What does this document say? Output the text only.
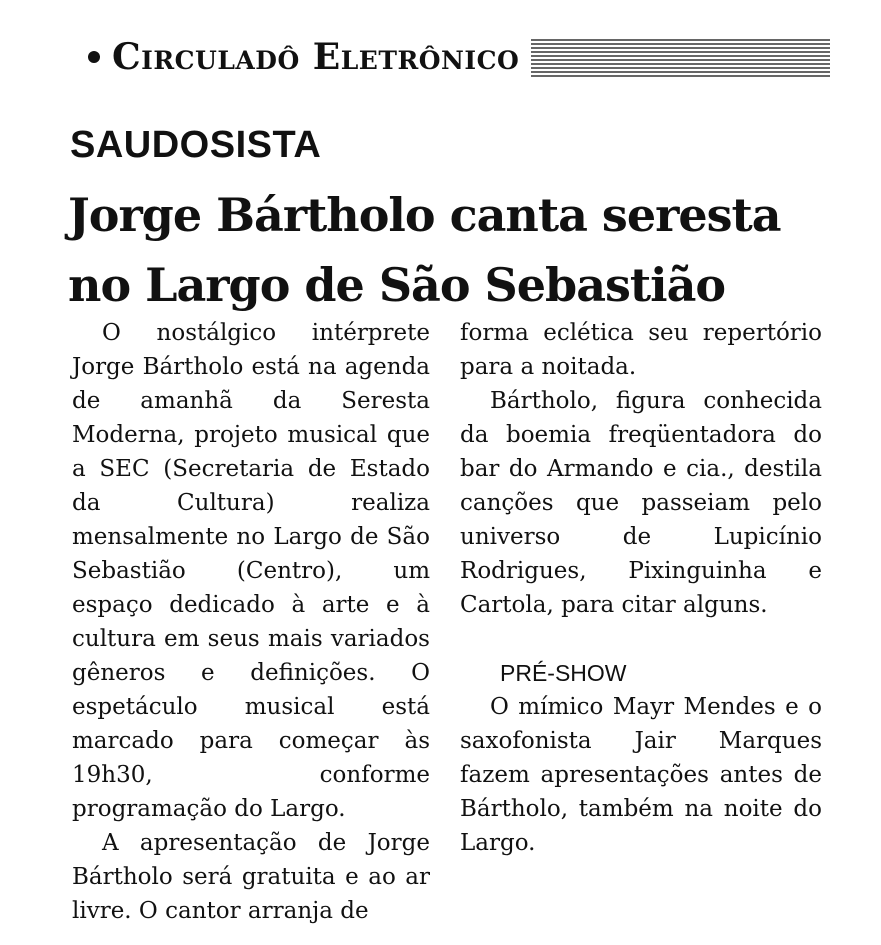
Circuladô Eletrônico
SAUDOSISTA
Jorge Bártholo canta seresta no Largo de São Sebastião

O nostálgico intérprete Jorge Bártholo está na agenda de amanhã da Seresta Moderna, projeto musical que a SEC (Secretaria de Estado da Cultura) realiza mensalmente no Largo de São Sebastião (Centro), um espaço dedicado à arte e à cultura em seus mais variados gêneros e definições. O espetáculo musical está marcado para começar às 19h30, conforme programação do Largo.

A apresentação de Jorge Bártholo será gratuita e ao ar livre. O cantor arranja de

forma eclética seu repertório para a noitada.

Bártholo, figura conhecida da boemia freqüentadora do bar do Armando e cia., destila canções que passeiam pelo universo de Lupicínio Rodrigues, Pixinguinha e Cartola, para citar alguns.

PRÉ-SHOW

O mímico Mayr Mendes e o saxofonista Jair Marques fazem apresentações antes de Bártholo, também na noite do Largo.
